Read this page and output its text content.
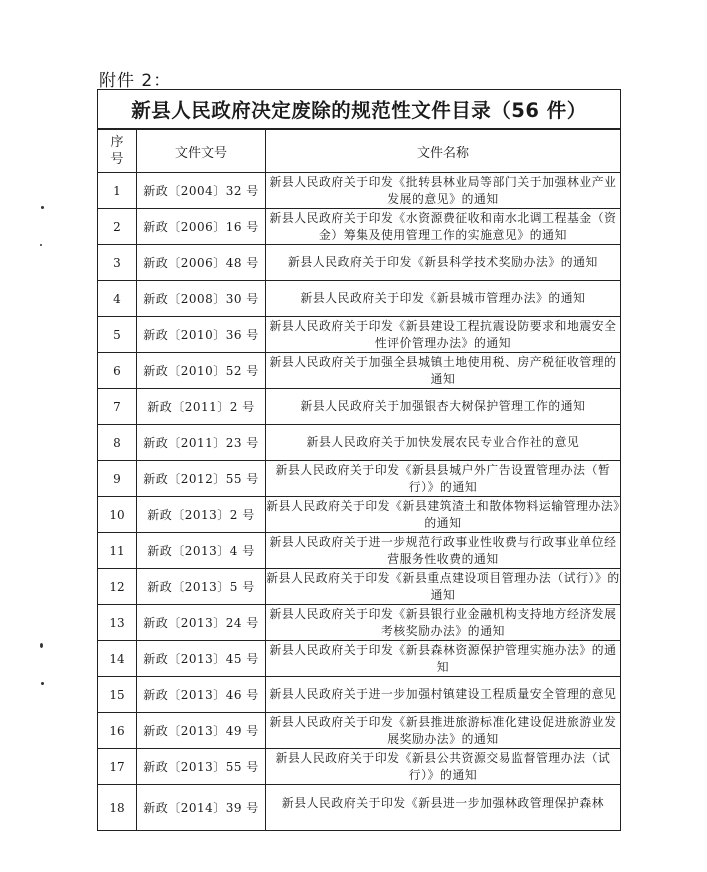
附件 2：
新县人民政府决定废除的规范性文件目录（56 件）		
序号	文件文号	文件名称
1	新政〔2004〕32 号	新县人民政府关于印发《批转县林业局等部门关于加强林业产业发展的意见》的通知
2	新政〔2006〕16 号	新县人民政府关于印发《水资源费征收和南水北调工程基金（资金）筹集及使用管理工作的实施意见》的通知
3	新政〔2006〕48 号	新县人民政府关于印发《新县科学技术奖励办法》的通知
4	新政〔2008〕30 号	新县人民政府关于印发《新县城市管理办法》的通知
5	新政〔2010〕36 号	新县人民政府关于印发《新县建设工程抗震设防要求和地震安全性评价管理办法》的通知
6	新政〔2010〕52 号	新县人民政府关于加强全县城镇土地使用税、房产税征收管理的通知
7	新政〔2011〕2 号	新县人民政府关于加强银杏大树保护管理工作的通知
8	新政〔2011〕23 号	新县人民政府关于加快发展农民专业合作社的意见
9	新政〔2012〕55 号	新县人民政府关于印发《新县县城户外广告设置管理办法（暂行）》的通知
10	新政〔2013〕2 号	新县人民政府关于印发《新县建筑渣土和散体物料运输管理办法》的通知
11	新政〔2013〕4 号	新县人民政府关于进一步规范行政事业性收费与行政事业单位经营服务性收费的通知
12	新政〔2013〕5 号	新县人民政府关于印发《新县重点建设项目管理办法（试行）》的通知
13	新政〔2013〕24 号	新县人民政府关于印发《新县银行业金融机构支持地方经济发展考核奖励办法》的通知
14	新政〔2013〕45 号	新县人民政府关于印发《新县森林资源保护管理实施办法》的通知
15	新政〔2013〕46 号	新县人民政府关于进一步加强村镇建设工程质量安全管理的意见
16	新政〔2013〕49 号	新县人民政府关于印发《新县推进旅游标准化建设促进旅游业发展奖励办法》的通知
17	新政〔2013〕55 号	新县人民政府关于印发《新县公共资源交易监督管理办法（试行）》的通知
18	新政〔2014〕39 号	新县人民政府关于印发《新县进一步加强林政管理保护森林
